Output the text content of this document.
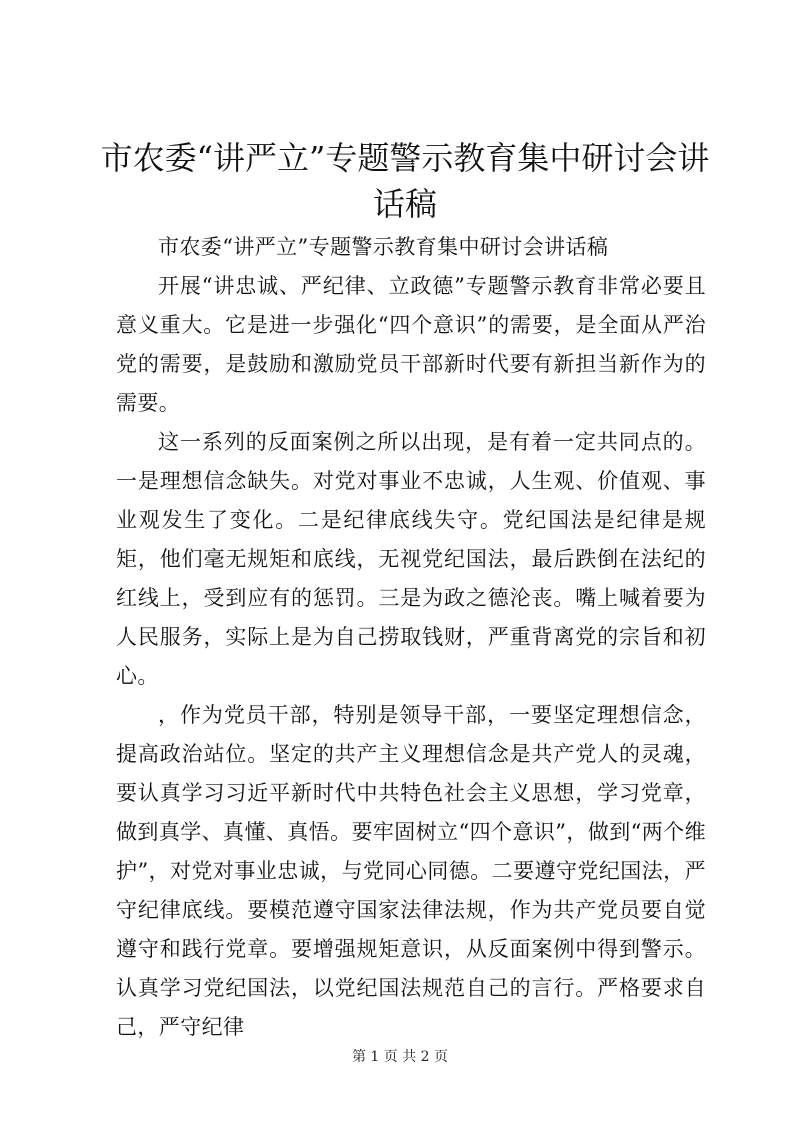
市农委“讲严立”专题警示教育集中研讨会讲话稿

市农委“讲严立”专题警示教育集中研讨会讲话稿

开展“讲忠诚、严纪律、立政德”专题警示教育非常必要且意义重大。它是进一步强化“四个意识”的需要，是全面从严治党的需要，是鼓励和激励党员干部新时代要有新担当新作为的需要。

这一系列的反面案例之所以出现，是有着一定共同点的。一是理想信念缺失。对党对事业不忠诚，人生观、价值观、事业观发生了变化。二是纪律底线失守。党纪国法是纪律是规矩，他们毫无规矩和底线，无视党纪国法，最后跌倒在法纪的红线上，受到应有的惩罚。三是为政之德沦丧。嘴上喊着要为人民服务，实际上是为自己捞取钱财，严重背离党的宗旨和初心。

，作为党员干部，特别是领导干部，一要坚定理想信念，提高政治站位。坚定的共产主义理想信念是共产党人的灵魂，要认真学习习近平新时代中共特色社会主义思想，学习党章，做到真学、真懂、真悟。要牢固树立“四个意识”，做到“两个维护”，对党对事业忠诚，与党同心同德。二要遵守党纪国法，严守纪律底线。要模范遵守国家法律法规，作为共产党员要自觉遵守和践行党章。要增强规矩意识，从反面案例中得到警示。认真学习党纪国法，以党纪国法规范自己的言行。严格要求自己，严守纪律

第 1 页 共 2 页
